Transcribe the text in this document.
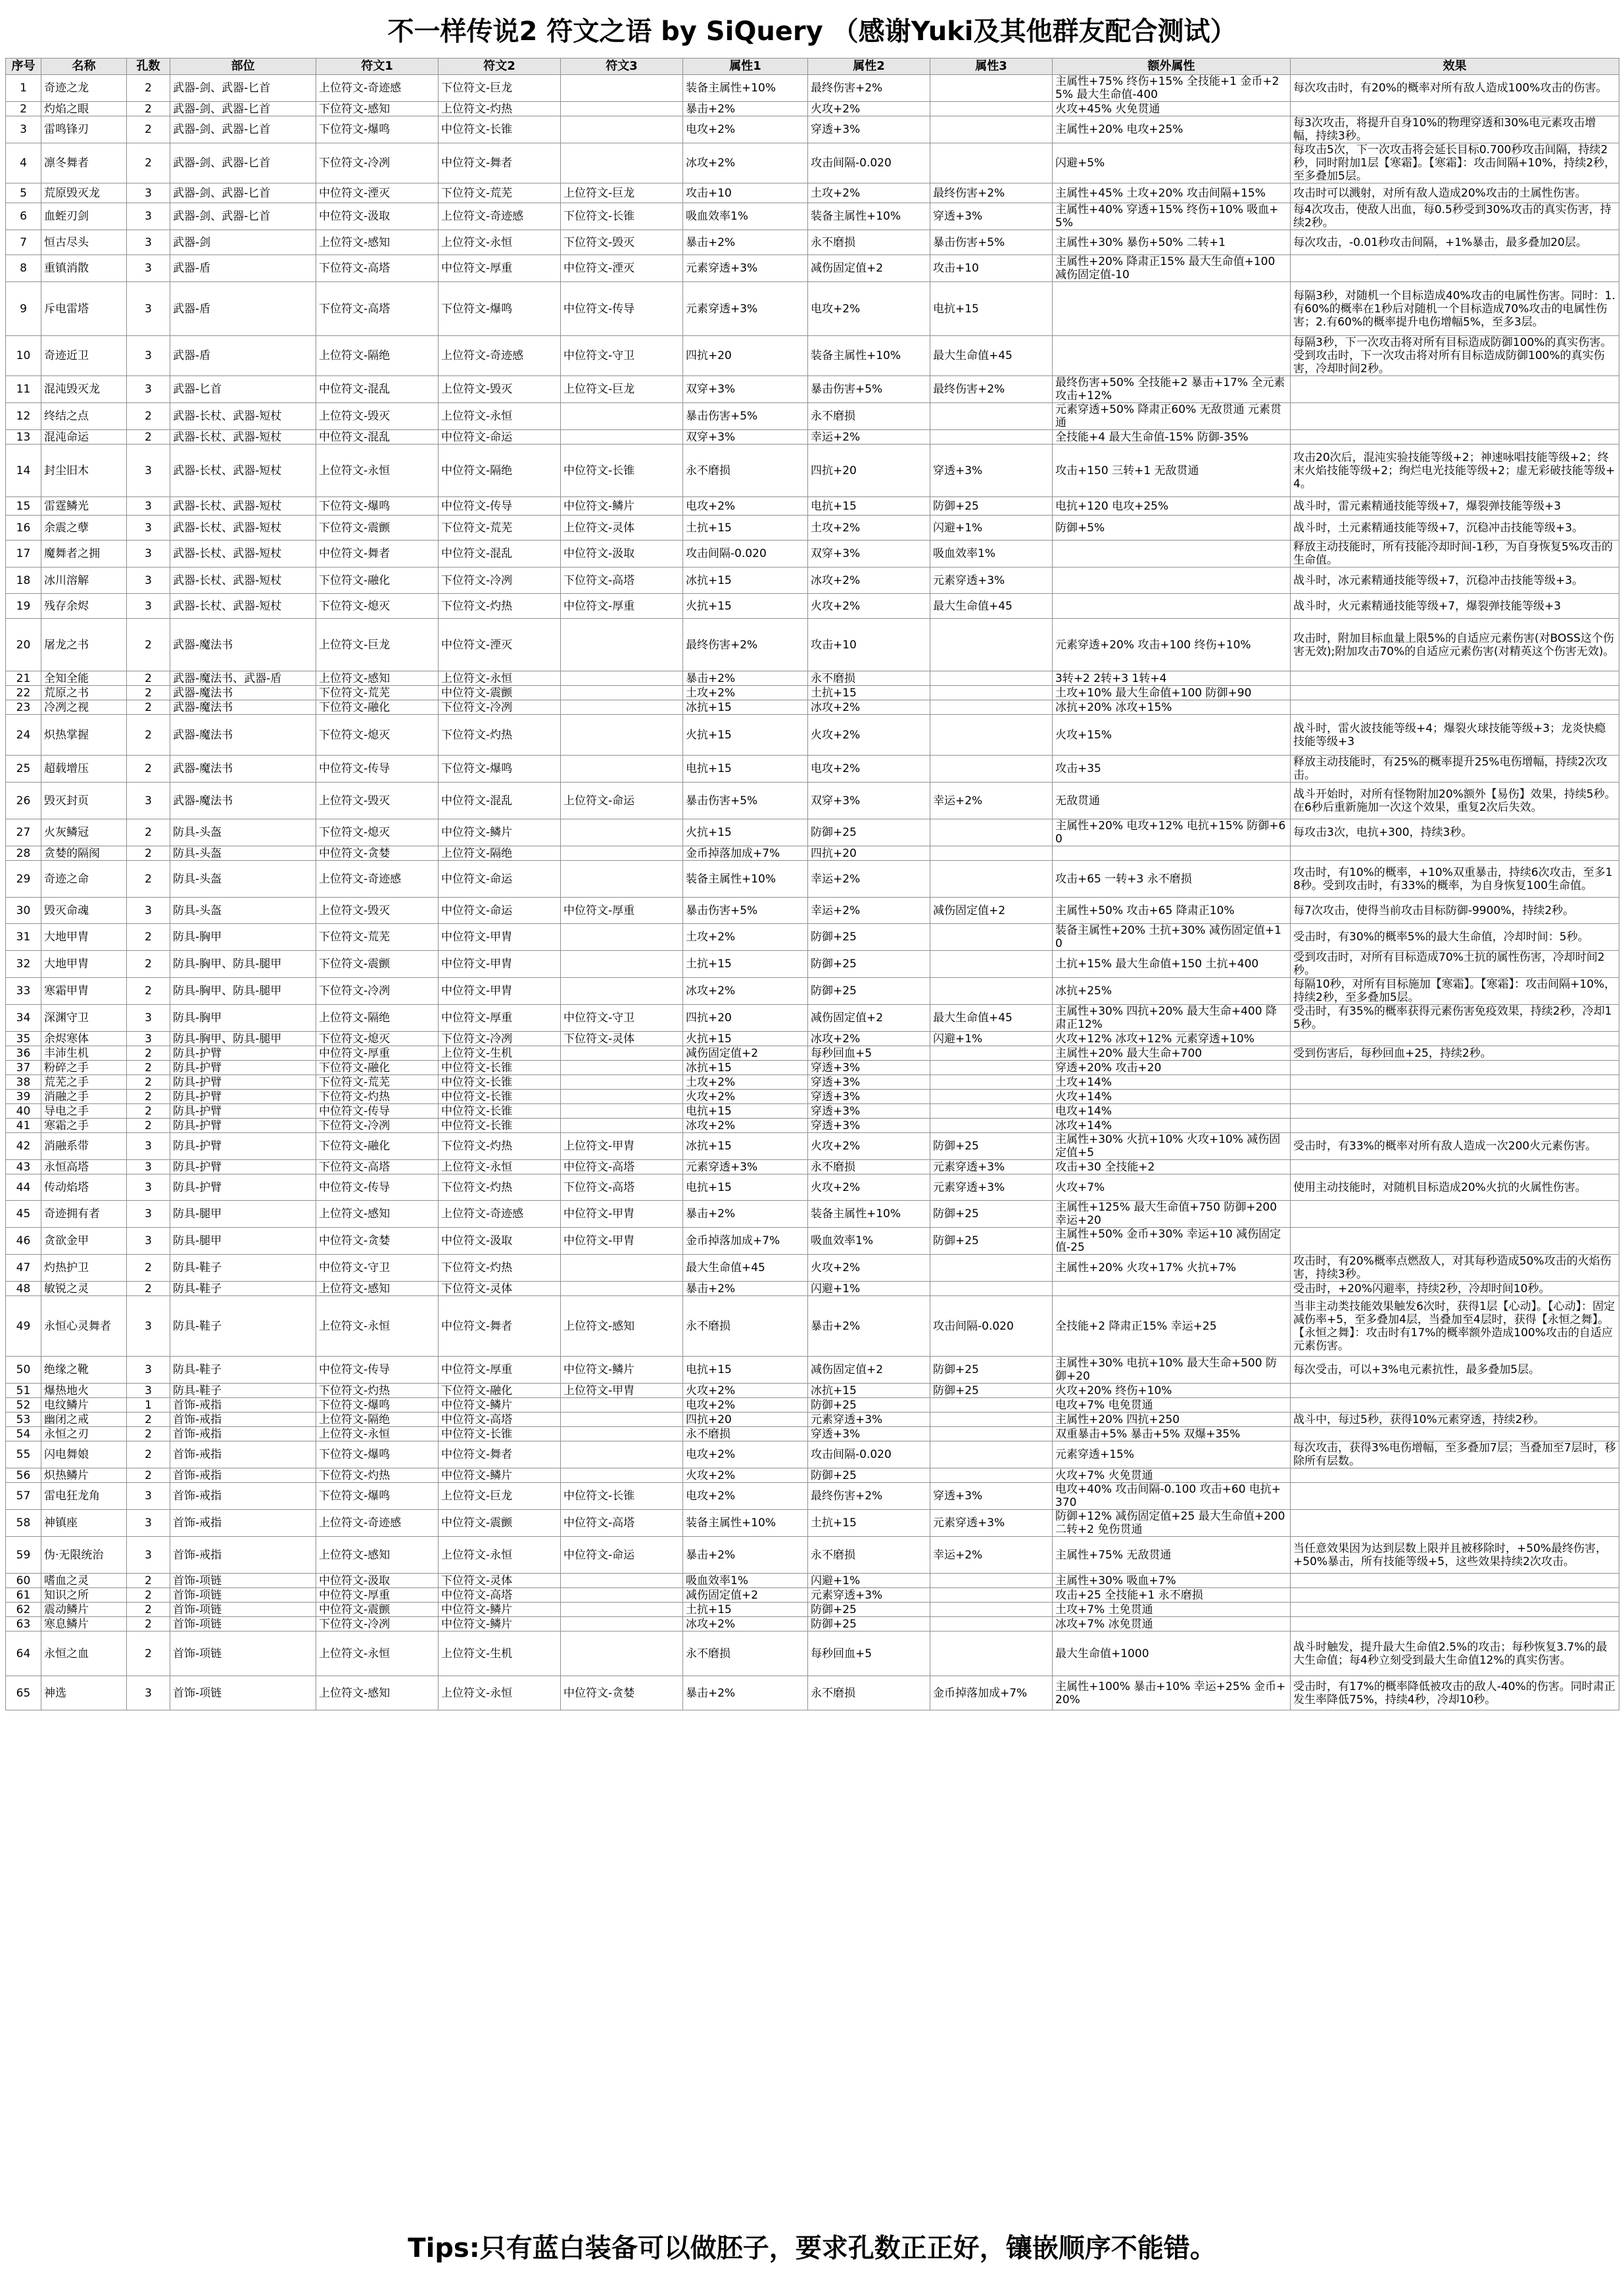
不一样传说2 符文之语 by SiQuery （感谢Yuki及其他群友配合测试）
序号	名称	孔数	部位	符文1	符文2	符文3	属性1	属性2	属性3	额外属性	效果
1	奇迹之龙	2	武器-剑、武器-匕首	上位符文-奇迹感	下位符文-巨龙		装备主属性+10%	最终伤害+2%		主属性+75% 终伤+15% 全技能+1 金币+25% 最大生命值-400	每次攻击时，有20%的概率对所有敌人造成100%攻击的伤害。
2	灼焰之眼	2	武器-剑、武器-匕首	下位符文-感知	上位符文-灼热		暴击+2%	火攻+2%		火攻+45% 火免贯通	
3	雷鸣锋刃	2	武器-剑、武器-匕首	下位符文-爆鸣	中位符文-长锥		电攻+2%	穿透+3%		主属性+20% 电攻+25%	每3次攻击，将提升自身10%的物理穿透和30%电元素攻击增幅，持续3秒。
4	凛冬舞者	2	武器-剑、武器-匕首	下位符文-冷冽	中位符文-舞者		冰攻+2%	攻击间隔-0.020		闪避+5%	每攻击5次，下一次攻击将会延长目标0.700秒攻击间隔，持续2秒，同时附加1层【寒霜】。【寒霜】：攻击间隔+10%，持续2秒，至多叠加5层。
5	荒原毁灭龙	3	武器-剑、武器-匕首	中位符文-湮灭	下位符文-荒芜	上位符文-巨龙	攻击+10	土攻+2%	最终伤害+2%	主属性+45% 土攻+20% 攻击间隔+15%	攻击时可以溅射，对所有敌人造成20%攻击的土属性伤害。
6	血蛭刃剑	3	武器-剑、武器-匕首	中位符文-汲取	上位符文-奇迹感	下位符文-长锥	吸血效率1%	装备主属性+10%	穿透+3%	主属性+40% 穿透+15% 终伤+10% 吸血+5%	每4次攻击，使敌人出血，每0.5秒受到30%攻击的真实伤害，持续2秒。
7	恒古尽头	3	武器-剑	上位符文-感知	上位符文-永恒	下位符文-毁灭	暴击+2%	永不磨损	暴击伤害+5%	主属性+30% 暴伤+50% 二转+1	每次攻击，-0.01秒攻击间隔，+1%暴击，最多叠加20层。
8	重镇消散	3	武器-盾	下位符文-高塔	中位符文-厚重	中位符文-湮灭	元素穿透+3%	减伤固定值+2	攻击+10	主属性+20% 降肃正15% 最大生命值+100 减伤固定值-10	
9	斥电雷塔	3	武器-盾	下位符文-高塔	下位符文-爆鸣	中位符文-传导	元素穿透+3%	电攻+2%	电抗+15		每隔3秒，对随机一个目标造成40%攻击的电属性伤害。同时：1.有60%的概率在1秒后对随机一个目标造成70%攻击的电属性伤害；2.有60%的概率提升电伤增幅5%，至多3层。
10	奇迹近卫	3	武器-盾	上位符文-隔绝	上位符文-奇迹感	中位符文-守卫	四抗+20	装备主属性+10%	最大生命值+45		每隔3秒，下一次攻击将对所有目标造成防御100%的真实伤害。受到攻击时，下一次攻击将对所有目标造成防御100%的真实伤害，冷却时间2秒。
11	混沌毁灭龙	3	武器-匕首	中位符文-混乱	上位符文-毁灭	上位符文-巨龙	双穿+3%	暴击伤害+5%	最终伤害+2%	最终伤害+50% 全技能+2 暴击+17% 全元素攻击+12%	
12	终结之点	2	武器-长杖、武器-短杖	上位符文-毁灭	上位符文-永恒		暴击伤害+5%	永不磨损		元素穿透+50% 降肃正60% 无敌贯通 元素贯通	
13	混沌命运	2	武器-长杖、武器-短杖	中位符文-混乱	中位符文-命运		双穿+3%	幸运+2%		全技能+4 最大生命值-15% 防御-35%	
14	封尘旧木	3	武器-长杖、武器-短杖	上位符文-永恒	中位符文-隔绝	中位符文-长锥	永不磨损	四抗+20	穿透+3%	攻击+150 三转+1 无敌贯通	攻击20次后，混沌实验技能等级+2；神速咏唱技能等级+2；终末火焰技能等级+2；绚烂电光技能等级+2；虚无彩破技能等级+4。
15	雷霆鳞光	3	武器-长杖、武器-短杖	下位符文-爆鸣	中位符文-传导	中位符文-鳞片	电攻+2%	电抗+15	防御+25	电抗+120 电攻+25%	战斗时，雷元素精通技能等级+7，爆裂弹技能等级+3
16	余震之孽	3	武器-长杖、武器-短杖	下位符文-震颤	下位符文-荒芜	上位符文-灵体	土抗+15	土攻+2%	闪避+1%	防御+5%	战斗时，土元素精通技能等级+7，沉稳冲击技能等级+3。
17	魔舞者之拥	3	武器-长杖、武器-短杖	中位符文-舞者	中位符文-混乱	中位符文-汲取	攻击间隔-0.020	双穿+3%	吸血效率1%		释放主动技能时，所有技能冷却时间-1秒，为自身恢复5%攻击的生命值。
18	冰川溶解	3	武器-长杖、武器-短杖	下位符文-融化	下位符文-冷冽	下位符文-高塔	冰抗+15	冰攻+2%	元素穿透+3%		战斗时，冰元素精通技能等级+7，沉稳冲击技能等级+3。
19	残存余烬	3	武器-长杖、武器-短杖	下位符文-熄灭	下位符文-灼热	中位符文-厚重	火抗+15	火攻+2%	最大生命值+45		战斗时，火元素精通技能等级+7，爆裂弹技能等级+3
20	屠龙之书	2	武器-魔法书	上位符文-巨龙	中位符文-湮灭		最终伤害+2%	攻击+10		元素穿透+20% 攻击+100 终伤+10%	攻击时，附加目标血量上限5%的自适应元素伤害(对BOSS这个伤害无效);附加攻击70%的自适应元素伤害(对精英这个伤害无效)。
21	全知全能	2	武器-魔法书、武器-盾	上位符文-感知	上位符文-永恒		暴击+2%	永不磨损		3转+2 2转+3 1转+4	
22	荒原之书	2	武器-魔法书	下位符文-荒芜	中位符文-震颤		土攻+2%	土抗+15		土攻+10% 最大生命值+100 防御+90	
23	冷冽之视	2	武器-魔法书	下位符文-融化	下位符文-冷冽		冰抗+15	冰攻+2%		冰抗+20% 冰攻+15%	
24	炽热掌握	2	武器-魔法书	下位符文-熄灭	下位符文-灼热		火抗+15	火攻+2%		火攻+15%	战斗时，雷火波技能等级+4；爆裂火球技能等级+3；龙炎快瘾技能等级+3
25	超载增压	2	武器-魔法书	中位符文-传导	下位符文-爆鸣		电抗+15	电攻+2%		攻击+35	释放主动技能时，有25%的概率提升25%电伤增幅，持续2次攻击。
26	毁灭封页	3	武器-魔法书	上位符文-毁灭	中位符文-混乱	上位符文-命运	暴击伤害+5%	双穿+3%	幸运+2%	无敌贯通	战斗开始时，对所有怪物附加20%额外【易伤】效果，持续5秒。在6秒后重新施加一次这个效果，重复2次后失效。
27	火灰鳞冠	2	防具-头盔	下位符文-熄灭	中位符文-鳞片		火抗+15	防御+25		主属性+20% 电攻+12% 电抗+15% 防御+60	每攻击3次，电抗+300，持续3秒。
28	贪婪的隔阂	2	防具-头盔	中位符文-贪婪	上位符文-隔绝		金币掉落加成+7%	四抗+20			
29	奇迹之命	2	防具-头盔	上位符文-奇迹感	中位符文-命运		装备主属性+10%	幸运+2%		攻击+65 一转+3 永不磨损	攻击时，有10%的概率，+10%双重暴击，持续6次攻击，至多18秒。受到攻击时，有33%的概率，为自身恢复100生命值。
30	毁灭命魂	3	防具-头盔	上位符文-毁灭	中位符文-命运	中位符文-厚重	暴击伤害+5%	幸运+2%	减伤固定值+2	主属性+50% 攻击+65 降肃正10%	每7次攻击，使得当前攻击目标防御-9900%，持续2秒。
31	大地甲胄	2	防具-胸甲	下位符文-荒芜	中位符文-甲胄		土攻+2%	防御+25		装备主属性+20% 土抗+30% 减伤固定值+10	受击时，有30%的概率5%的最大生命值，冷却时间：5秒。
32	大地甲胄	2	防具-胸甲、防具-腿甲	下位符文-震颤	中位符文-甲胄		土抗+15	防御+25		土抗+15% 最大生命值+150 土抗+400	受到攻击时，对所有目标造成70%土抗的属性伤害，冷却时间2秒。
33	寒霜甲胄	2	防具-胸甲、防具-腿甲	下位符文-冷冽	中位符文-甲胄		冰攻+2%	防御+25		冰抗+25%	每隔10秒，对所有目标施加【寒霜】。【寒霜】：攻击间隔+10%，持续2秒，至多叠加5层。
34	深渊守卫	3	防具-胸甲	上位符文-隔绝	中位符文-厚重	中位符文-守卫	四抗+20	减伤固定值+2	最大生命值+45	主属性+30% 四抗+20% 最大生命+400 降肃正12%	受击时，有35%的概率获得元素伤害免疫效果，持续2秒，冷却15秒。
35	余烬寒体	3	防具-胸甲、防具-腿甲	下位符文-熄灭	下位符文-冷冽	下位符文-灵体	火抗+15	冰攻+2%	闪避+1%	火攻+12% 冰攻+12% 元素穿透+10%	
36	丰沛生机	2	防具-护臂	中位符文-厚重	上位符文-生机		减伤固定值+2	每秒回血+5		主属性+20% 最大生命+700	受到伤害后，每秒回血+25，持续2秒。
37	粉碎之手	2	防具-护臂	下位符文-融化	中位符文-长锥		冰抗+15	穿透+3%		穿透+20% 攻击+20	
38	荒芜之手	2	防具-护臂	下位符文-荒芜	中位符文-长锥		土攻+2%	穿透+3%		土攻+14%	
39	消融之手	2	防具-护臂	下位符文-灼热	中位符文-长锥		火攻+2%	穿透+3%		火攻+14%	
40	导电之手	2	防具-护臂	中位符文-传导	中位符文-长锥		电抗+15	穿透+3%		电攻+14%	
41	寒霜之手	2	防具-护臂	下位符文-冷冽	中位符文-长锥		冰攻+2%	穿透+3%		冰攻+14%	
42	消融系带	3	防具-护臂	下位符文-融化	下位符文-灼热	上位符文-甲胄	冰抗+15	火攻+2%	防御+25	主属性+30% 火抗+10% 火攻+10% 减伤固定值+5	受击时，有33%的概率对所有敌人造成一次200火元素伤害。
43	永恒高塔	3	防具-护臂	下位符文-高塔	上位符文-永恒	中位符文-高塔	元素穿透+3%	永不磨损	元素穿透+3%	攻击+30 全技能+2	
44	传动焰塔	3	防具-护臂	中位符文-传导	下位符文-灼热	下位符文-高塔	电抗+15	火攻+2%	元素穿透+3%	火攻+7%	使用主动技能时，对随机目标造成20%火抗的火属性伤害。
45	奇迹拥有者	3	防具-腿甲	上位符文-感知	上位符文-奇迹感	中位符文-甲胄	暴击+2%	装备主属性+10%	防御+25	主属性+125% 最大生命值+750 防御+200 幸运+20	
46	贪欲金甲	3	防具-腿甲	中位符文-贪婪	中位符文-汲取	中位符文-甲胄	金币掉落加成+7%	吸血效率1%	防御+25	主属性+50% 金币+30% 幸运+10 减伤固定值-25	
47	灼热护卫	2	防具-鞋子	中位符文-守卫	下位符文-灼热		最大生命值+45	火攻+2%		主属性+20% 火攻+17% 火抗+7%	攻击时，有20%概率点燃敌人，对其每秒造成50%攻击的火焰伤害，持续3秒。
48	敏锐之灵	2	防具-鞋子	上位符文-感知	下位符文-灵体		暴击+2%	闪避+1%			受击时，+20%闪避率，持续2秒，冷却时间10秒。
49	永恒心灵舞者	3	防具-鞋子	上位符文-永恒	中位符文-舞者	上位符文-感知	永不磨损	暴击+2%	攻击间隔-0.020	全技能+2 降肃正15% 幸运+25	当非主动类技能效果触发6次时，获得1层【心动】。【心动】：固定减伤率+5，至多叠加4层，当叠加至4层时，获得【永恒之舞】。【永恒之舞】：攻击时有17%的概率额外造成100%攻击的自适应元素伤害。
50	绝缘之靴	3	防具-鞋子	中位符文-传导	中位符文-厚重	中位符文-鳞片	电抗+15	减伤固定值+2	防御+25	主属性+30% 电抗+10% 最大生命+500 防御+20	每次受击，可以+3%电元素抗性，最多叠加5层。
51	爆热地火	3	防具-鞋子	下位符文-灼热	下位符文-融化	上位符文-甲胄	火攻+2%	冰抗+15	防御+25	火攻+20% 终伤+10%	
52	电纹鳞片	1	首饰-戒指	下位符文-爆鸣	中位符文-鳞片		电攻+2%	防御+25		电攻+7% 电免贯通	
53	幽闭之戒	2	首饰-戒指	上位符文-隔绝	中位符文-高塔		四抗+20	元素穿透+3%		主属性+20% 四抗+250	战斗中，每过5秒，获得10%元素穿透，持续2秒。
54	永恒之刃	2	首饰-戒指	上位符文-永恒	中位符文-长锥		永不磨损	穿透+3%		双重暴击+5% 暴击+5% 双爆+35%	
55	闪电舞娘	2	首饰-戒指	下位符文-爆鸣	中位符文-舞者		电攻+2%	攻击间隔-0.020		元素穿透+15%	每次攻击，获得3%电伤增幅，至多叠加7层；当叠加至7层时，移除所有层数。
56	炽热鳞片	2	首饰-戒指	下位符文-灼热	中位符文-鳞片		火攻+2%	防御+25		火攻+7% 火免贯通	
57	雷电狂龙角	3	首饰-戒指	下位符文-爆鸣	上位符文-巨龙	中位符文-长锥	电攻+2%	最终伤害+2%	穿透+3%	电攻+40% 攻击间隔-0.100 攻击+60 电抗+370	
58	神镇座	3	首饰-戒指	上位符文-奇迹感	中位符文-震颤	中位符文-高塔	装备主属性+10%	土抗+15	元素穿透+3%	防御+12% 减伤固定值+25 最大生命值+200 二转+2 免伤贯通	
59	伪·无限统治	3	首饰-戒指	上位符文-感知	上位符文-永恒	中位符文-命运	暴击+2%	永不磨损	幸运+2%	主属性+75% 无敌贯通	当任意效果因为达到层数上限并且被移除时，+50%最终伤害，+50%暴击，所有技能等级+5，这些效果持续2次攻击。
60	嗜血之灵	2	首饰-项链	中位符文-汲取	下位符文-灵体		吸血效率1%	闪避+1%		主属性+30% 吸血+7%	
61	知识之所	2	首饰-项链	中位符文-厚重	中位符文-高塔		减伤固定值+2	元素穿透+3%		攻击+25 全技能+1 永不磨损	
62	震动鳞片	2	首饰-项链	中位符文-震颤	中位符文-鳞片		土抗+15	防御+25		土攻+7% 土免贯通	
63	寒息鳞片	2	首饰-项链	下位符文-冷冽	中位符文-鳞片		冰攻+2%	防御+25		冰攻+7% 冰免贯通	
64	永恒之血	2	首饰-项链	上位符文-永恒	上位符文-生机		永不磨损	每秒回血+5		最大生命值+1000	战斗时触发，提升最大生命值2.5%的攻击；每秒恢复3.7%的最大生命值；每4秒立刻受到最大生命值12%的真实伤害。
65	神选	3	首饰-项链	上位符文-感知	上位符文-永恒	中位符文-贪婪	暴击+2%	永不磨损	金币掉落加成+7%	主属性+100% 暴击+10% 幸运+25% 金币+20%	受击时，有17%的概率降低被攻击的敌人-40%的伤害。同时肃正发生率降低75%，持续4秒，冷却10秒。
Tips:只有蓝白装备可以做胚子，要求孔数正正好，镶嵌顺序不能错。
